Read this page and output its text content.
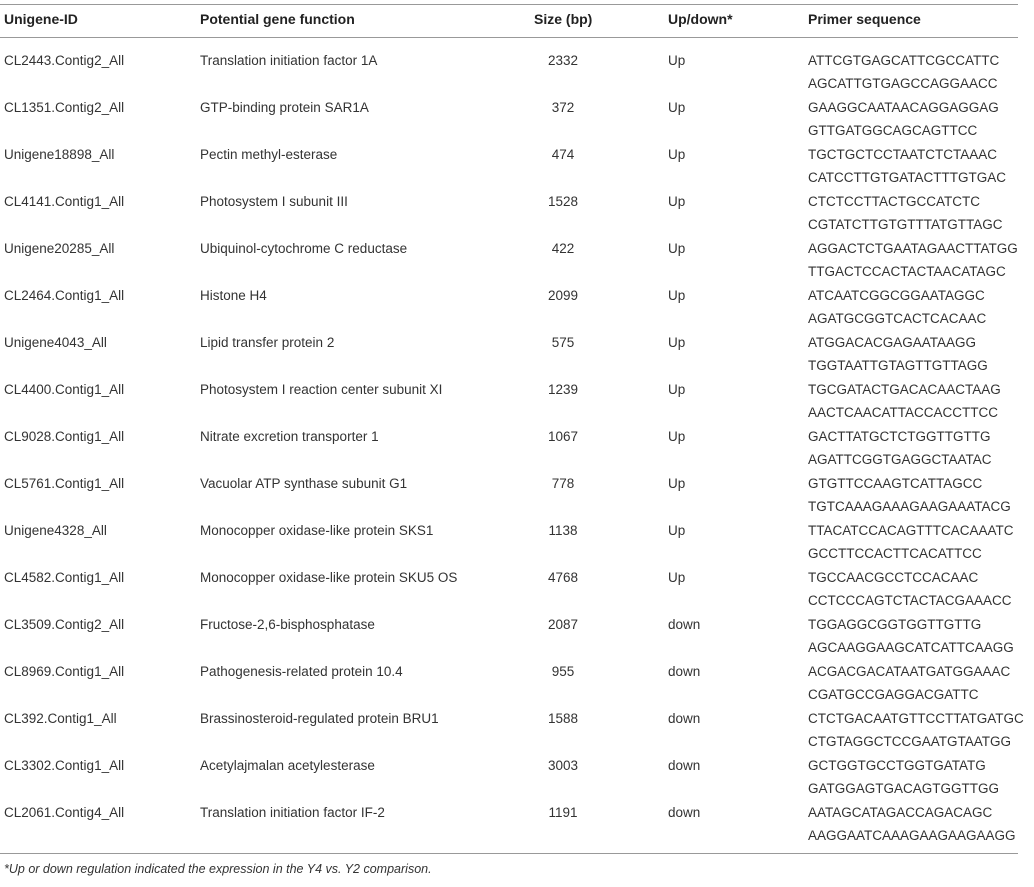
Unigene-ID	Potential gene function	Size (bp)	Up/down*	Primer sequence
CL2443.Contig2_All	Translation initiation factor 1A	2332	Up	ATTCGTGAGCATTCGCCATTC
AGCATTGTGAGCCAGGAACC
CL1351.Contig2_All	GTP-binding protein SAR1A	372	Up	GAAGGCAATAACAGGAGGAG
GTTGATGGCAGCAGTTCC
Unigene18898_All	Pectin methyl-esterase	474	Up	TGCTGCTCCTAATCTCTAAAC
CATCCTTGTGATACTTTGTGAC
CL4141.Contig1_All	Photosystem I subunit III	1528	Up	CTCTCCTTACTGCCATCTC
CGTATCTTGTGTTTATGTTAGC
Unigene20285_All	Ubiquinol-cytochrome C reductase	422	Up	AGGACTCTGAATAGAACTTATGG
TTGACTCCACTACTAACATAGC
CL2464.Contig1_All	Histone H4	2099	Up	ATCAATCGGCGGAATAGGC
AGATGCGGTCACTCACAAC
Unigene4043_All	Lipid transfer protein 2	575	Up	ATGGACACGAGAATAAGG
TGGTAATTGTAGTTGTTAGG
CL4400.Contig1_All	Photosystem I reaction center subunit XI	1239	Up	TGCGATACTGACACAACTAAG
AACTCAACATTACCACCTTCC
CL9028.Contig1_All	Nitrate excretion transporter 1	1067	Up	GACTTATGCTCTGGTTGTTG
AGATTCGGTGAGGCTAATAC
CL5761.Contig1_All	Vacuolar ATP synthase subunit G1	778	Up	GTGTTCCAAGTCATTAGCC
TGTCAAAGAAAGAAGAAATACG
Unigene4328_All	Monocopper oxidase-like protein SKS1	1138	Up	TTACATCCACAGTTTCACAAATC
GCCTTCCACTTCACATTCC
CL4582.Contig1_All	Monocopper oxidase-like protein SKU5 OS	4768	Up	TGCCAACGCCTCCACAAC
CCTCCCAGTCTACTACGAAACC
CL3509.Contig2_All	Fructose-2,6-bisphosphatase	2087	down	TGGAGGCGGTGGTTGTTG
AGCAAGGAAGCATCATTCAAGG
CL8969.Contig1_All	Pathogenesis-related protein 10.4	955	down	ACGACGACATAATGATGGAAAC
CGATGCCGAGGACGATTC
CL392.Contig1_All	Brassinosteroid-regulated protein BRU1	1588	down	CTCTGACAATGTTCCTTATGATGC
CTGTAGGCTCCGAATGTAATGG
CL3302.Contig1_All	Acetylajmalan acetylesterase	3003	down	GCTGGTGCCTGGTGATATG
GATGGAGTGACAGTGGTTGG
CL2061.Contig4_All	Translation initiation factor IF-2	1191	down	AATAGCATAGACCAGACAGC
AAGGAATCAAAGAAGAAGAAGG
*Up or down regulation indicated the expression in the Y4 vs. Y2 comparison.
